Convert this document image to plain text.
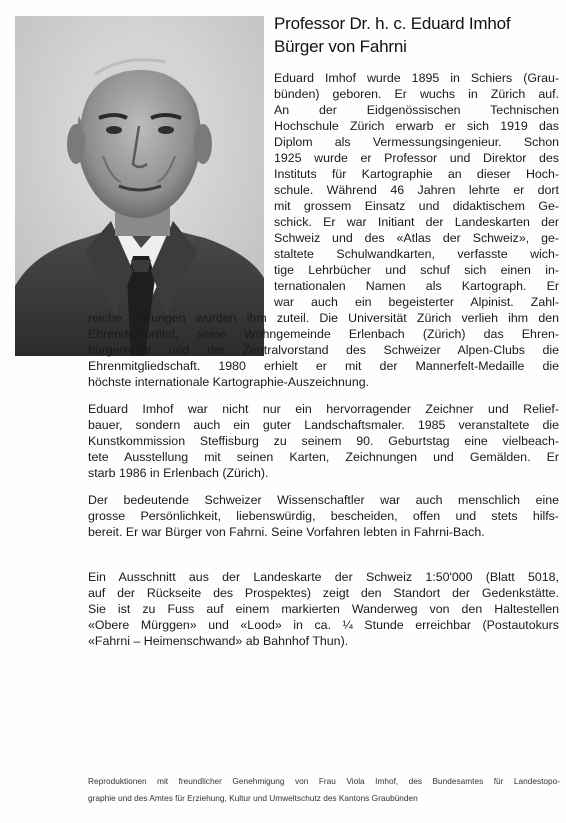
Professor Dr. h. c. Eduard Imhof
Bürger von Fahrni
Eduard Imhof wurde 1895 in Schiers (Grau-
bünden) geboren. Er wuchs in Zürich auf.
An der Eidgenössischen Technischen
Hochschule Zürich erwarb er sich 1919 das
Diplom als Vermessungsingenieur. Schon
1925 wurde er Professor und Direktor des
Instituts für Kartographie an dieser Hoch-
schule. Während 46 Jahren lehrte er dort
mit grossem Einsatz und didaktischem Ge-
schick. Er war Initiant der Landeskarten der
Schweiz und des «Atlas der Schweiz», ge-
staltete Schulwandkarten, verfasste wich-
tige Lehrbücher und schuf sich einen in-
ternationalen Namen als Kartograph. Er
war auch ein begeisterter Alpinist. Zahl-
reiche Ehrungen wurden ihm zuteil. Die Universität Zürich verlieh ihm den
Ehrendoktortitel, seine Wohngemeinde Erlenbach (Zürich) das Ehren-
bürgerrecht und der Zentralvorstand des Schweizer Alpen-Clubs die
Ehrenmitgliedschaft. 1980 erhielt er mit der Mannerfelt-Medaille die
höchste internationale Kartographie-Auszeichnung.
Eduard Imhof war nicht nur ein hervorragender Zeichner und Relief-
bauer, sondern auch ein guter Landschaftsmaler. 1985 veranstaltete die
Kunstkommission Steffisburg zu seinem 90. Geburtstag eine vielbeach-
tete Ausstellung mit seinen Karten, Zeichnungen und Gemälden. Er
starb 1986 in Erlenbach (Zürich).
Der bedeutende Schweizer Wissenschaftler war auch menschlich eine
grosse Persönlichkeit, liebenswürdig, bescheiden, offen und stets hilfs-
bereit. Er war Bürger von Fahrni. Seine Vorfahren lebten in Fahrni-Bach.
Ein Ausschnitt aus der Landeskarte der Schweiz 1:50'000 (Blatt 5018,
auf der Rückseite des Prospektes) zeigt den Standort der Gedenkstätte.
Sie ist zu Fuss auf einem markierten Wanderweg von den Haltestellen
«Obere Mürggen» und «Lood» in ca. ¼ Stunde erreichbar (Postautokurs
«Fahrni – Heimenschwand» ab Bahnhof Thun).
Reproduktionen mit freundlicher Genehmigung von Frau Viola Imhof, des Bundesamtes für Landestopo-
graphie und des Amtes für Erziehung, Kultur und Umweltschutz des Kantons Graubünden
